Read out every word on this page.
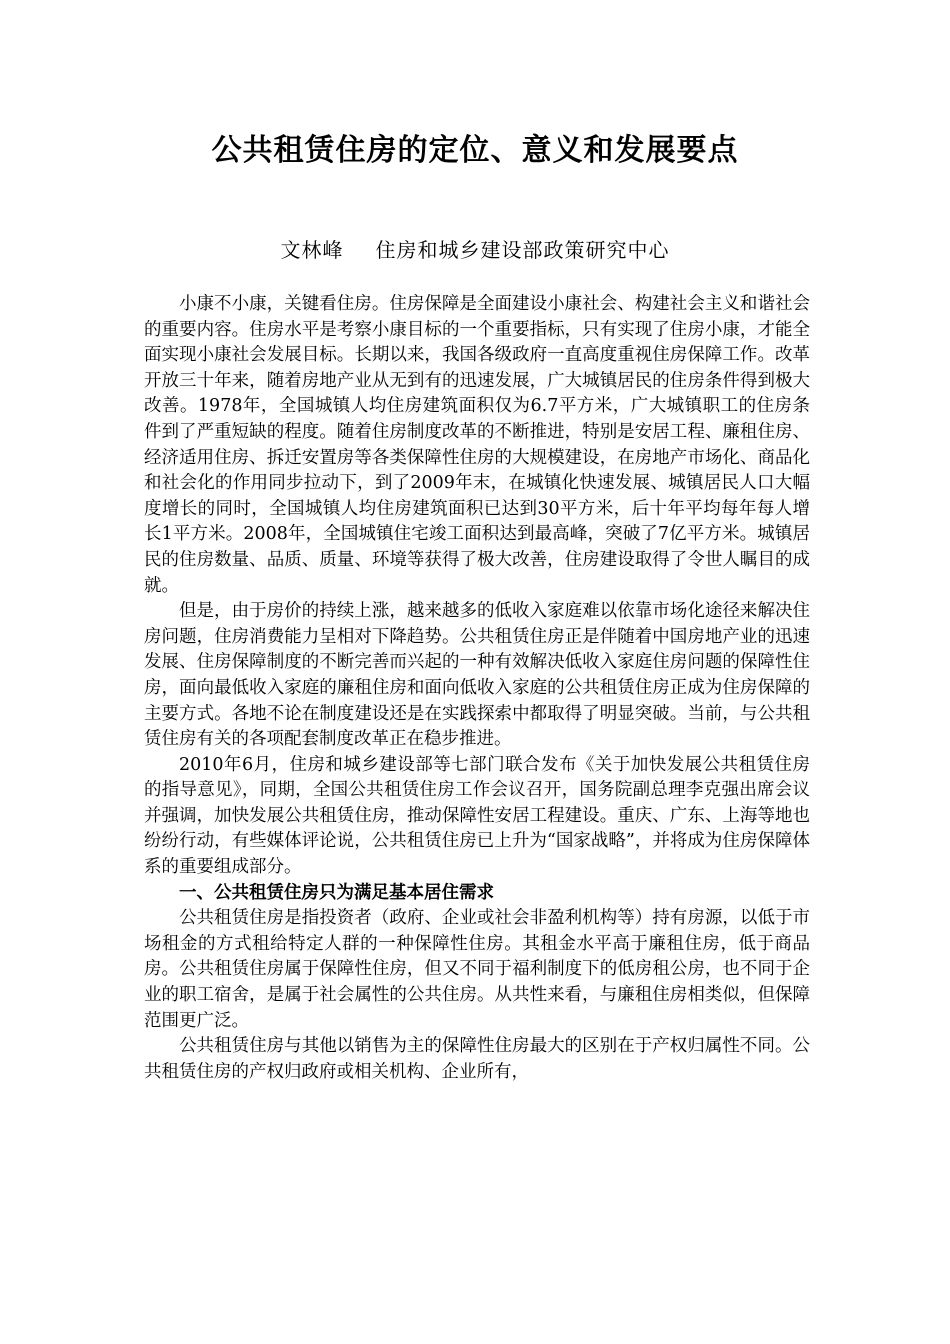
公共租赁住房的定位、意义和发展要点
文林峰 住房和城乡建设部政策研究中心

小康不小康，关键看住房。住房保障是全面建设小康社会、构建社会主义和谐社会的重要内容。住房水平是考察小康目标的一个重要指标，只有实现了住房小康，才能全面实现小康社会发展目标。长期以来，我国各级政府一直高度重视住房保障工作。改革开放三十年来，随着房地产业从无到有的迅速发展，广大城镇居民的住房条件得到极大改善。1978年，全国城镇人均住房建筑面积仅为6.7平方米，广大城镇职工的住房条件到了严重短缺的程度。随着住房制度改革的不断推进，特别是安居工程、廉租住房、经济适用住房、拆迁安置房等各类保障性住房的大规模建设，在房地产市场化、商品化和社会化的作用同步拉动下，到了2009年末，在城镇化快速发展、城镇居民人口大幅度增长的同时，全国城镇人均住房建筑面积已达到30平方米，后十年平均每年每人增长1平方米。2008年，全国城镇住宅竣工面积达到最高峰，突破了7亿平方米。城镇居民的住房数量、品质、质量、环境等获得了极大改善，住房建设取得了令世人瞩目的成就。

但是，由于房价的持续上涨，越来越多的低收入家庭难以依靠市场化途径来解决住房问题，住房消费能力呈相对下降趋势。公共租赁住房正是伴随着中国房地产业的迅速发展、住房保障制度的不断完善而兴起的一种有效解决低收入家庭住房问题的保障性住房，面向最低收入家庭的廉租住房和面向低收入家庭的公共租赁住房正成为住房保障的主要方式。各地不论在制度建设还是在实践探索中都取得了明显突破。当前，与公共租赁住房有关的各项配套制度改革正在稳步推进。

2010年6月，住房和城乡建设部等七部门联合发布《关于加快发展公共租赁住房的指导意见》，同期，全国公共租赁住房工作会议召开，国务院副总理李克强出席会议并强调，加快发展公共租赁住房，推动保障性安居工程建设。重庆、广东、上海等地也纷纷行动，有些媒体评论说，公共租赁住房已上升为“国家战略”，并将成为住房保障体系的重要组成部分。

一、公共租赁住房只为满足基本居住需求

公共租赁住房是指投资者（政府、企业或社会非盈利机构等）持有房源，以低于市场租金的方式租给特定人群的一种保障性住房。其租金水平高于廉租住房，低于商品房。公共租赁住房属于保障性住房，但又不同于福利制度下的低房租公房，也不同于企业的职工宿舍，是属于社会属性的公共住房。从共性来看，与廉租住房相类似，但保障范围更广泛。

公共租赁住房与其他以销售为主的保障性住房最大的区别在于产权归属性不同。公共租赁住房的产权归政府或相关机构、企业所有，
